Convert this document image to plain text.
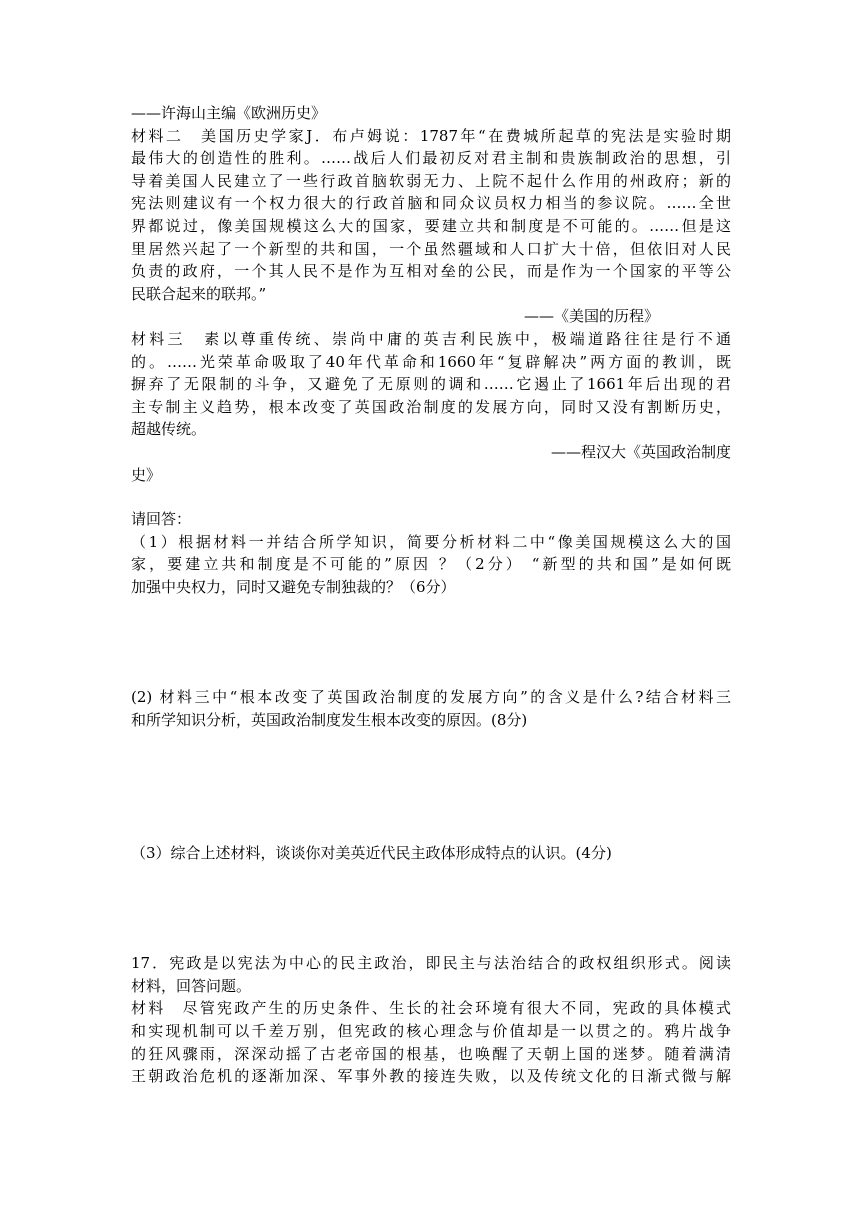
——许海山主编《欧洲历史》
材料二　美国历史学家J．布卢姆说：1787年“在费城所起草的宪法是实验时期
最伟大的创造性的胜利。……战后人们最初反对君主制和贵族制政治的思想，引
导着美国人民建立了一些行政首脑软弱无力、上院不起什么作用的州政府；新的
宪法则建议有一个权力很大的行政首脑和同众议员权力相当的参议院。……全世
界都说过，像美国规模这么大的国家，要建立共和制度是不可能的。……但是这
里居然兴起了一个新型的共和国，一个虽然疆域和人口扩大十倍，但依旧对人民
负责的政府，一个其人民不是作为互相对垒的公民，而是作为一个国家的平等公
民联合起来的联邦。”
——《美国的历程》
材料三　素以尊重传统、崇尚中庸的英吉利民族中，极端道路往往是行不通
的。……光荣革命吸取了40年代革命和1660年“复辟解决”两方面的教训，既
摒弃了无限制的斗争，又避免了无原则的调和……它遏止了1661年后出现的君
主专制主义趋势，根本改变了英国政治制度的发展方向，同时又没有割断历史，
超越传统。
——程汉大《英国政治制度
史》
请回答：
（1）根据材料一并结合所学知识，简要分析材料二中“像美国规模这么大的国
家，要建立共和制度是不可能的”原因 ？（2分） “新型的共和国”是如何既
加强中央权力，同时又避免专制独裁的？（6分）
(2) 材料三中“根本改变了英国政治制度的发展方向”的含义是什么?结合材料三
和所学知识分析，英国政治制度发生根本改变的原因。(8分)
（3）综合上述材料，谈谈你对美英近代民主政体形成特点的认识。(4分)
17．宪政是以宪法为中心的民主政治，即民主与法治结合的政权组织形式。阅读
材料，回答问题。
材料　尽管宪政产生的历史条件、生长的社会环境有很大不同，宪政的具体模式
和实现机制可以千差万别，但宪政的核心理念与价值却是一以贯之的。鸦片战争
的狂风骤雨，深深动摇了古老帝国的根基，也唤醒了天朝上国的迷梦。随着满清
王朝政治危机的逐渐加深、军事外教的接连失败，以及传统文化的日渐式微与解
